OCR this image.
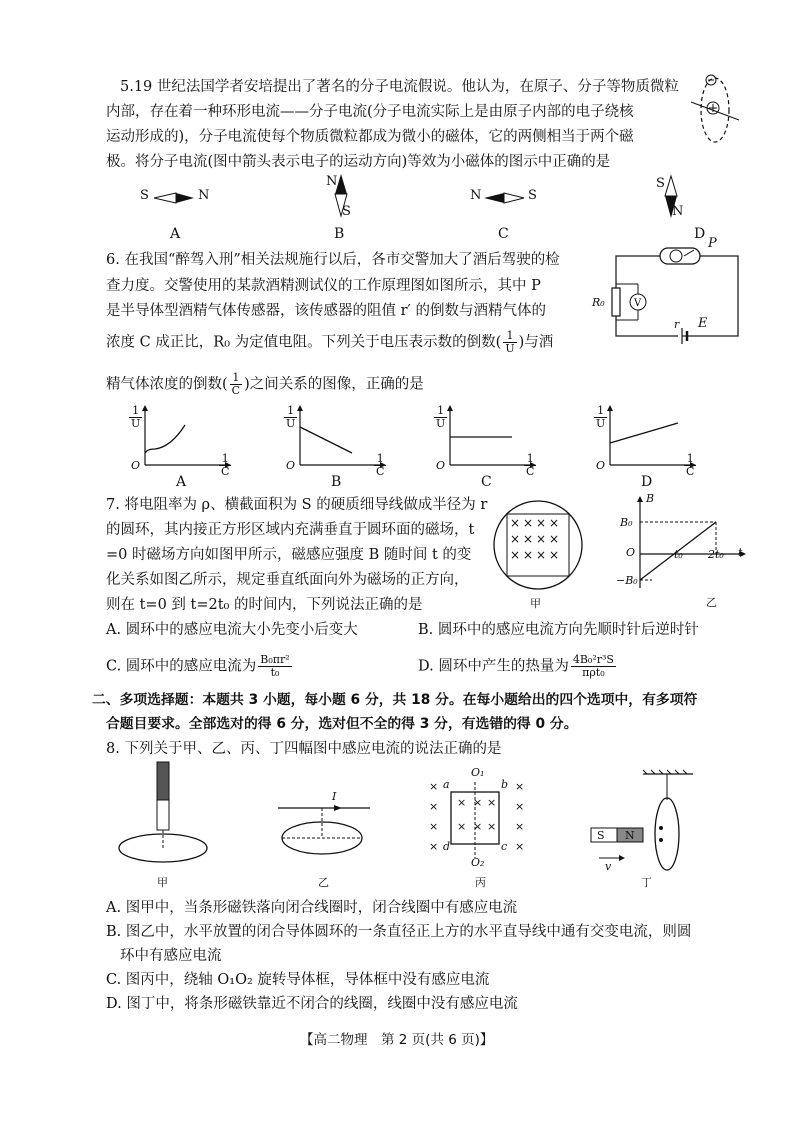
5.19 世纪法国学者安培提出了著名的分子电流假说。他认为，在原子、分子等物质微粒
内部，存在着一种环形电流——分子电流(分子电流实际上是由原子内部的电子绕核
运动形成的)，分子电流使每个物质微粒都成为微小的磁体，它的两侧相当于两个磁
极。将分子电流(图中箭头表示电子的运动方向)等效为小磁体的图示中正确的是
S	N
A
N
S
B
N	S
C
S
N
D
6. 在我国“醉驾入刑”相关法规施行以后，各市交警加大了酒后驾驶的检
查力度。交警使用的某款酒精测试仪的工作原理图如图所示，其中 P
是半导体型酒精气体传感器，该传感器的阻值 r′ 的倒数与酒精气体的
浓度 C 成正比，R₀ 为定值电阻。下列关于电压表示数的倒数( $\frac{1}{U}$ )与酒
精气体浓度的倒数( $\frac{1}{C}$ )之间关系的图像，正确的是
V
P
R₀
r E
$\frac{1}{U}$
O	$\frac{1}{C}$
A
$\frac{1}{U}$
O	$\frac{1}{C}$
B
$\frac{1}{U}$
O	$\frac{1}{C}$
C
$\frac{1}{U}$
O	$\frac{1}{C}$
D
7. 将电阻率为 ρ、横截面积为 S 的硬质细导线做成半径为 r
的圆环，其内接正方形区域内充满垂直于圆环面的磁场，t
=0 时磁场方向如图甲所示，磁感应强度 B 随时间 t 的变
化关系如图乙所示，规定垂直纸面向外为磁场的正方向，
则在 t=0 到 t=2t₀ 的时间内，下列说法正确的是
× × × ×
× × × ×
× × × ×
甲
B
B₀
O	t₀ 2t₀ t
−B₀
乙
A. 圆环中的感应电流大小先变小后变大	B. 圆环中的感应电流方向先顺时针后逆时针
C. 圆环中的感应电流为 $\frac{\text{B₀πr²}}{\text{t₀}}$	D. 圆环中产生的热量为 $\frac{\text{4B₀²r³S}}{\text{πρt₀}}$
二、多项选择题：本题共 3 小题，每小题 6 分，共 18 分。在每小题给出的四个选项中，有多项符
合题目要求。全部选对的得 6 分，选对但不全的得 3 分，有选错的得 0 分。
8. 下列关于甲、乙、丙、丁四幅图中感应电流的说法正确的是
甲
I
乙
×	×
×	×
×	×
×	×
× × ×
× × ×
O₁
a	b
d	c
O₂
丙
S N
v
丁
A. 图甲中，当条形磁铁落向闭合线圈时，闭合线圈中有感应电流
B. 图乙中，水平放置的闭合导体圆环的一条直径正上方的水平直导线中通有交变电流，则圆
环中有感应电流
C. 图丙中，绕轴 O₁O₂ 旋转导体框，导体框中没有感应电流
D. 图丁中，将条形磁铁靠近不闭合的线圈，线圈中没有感应电流
【高二物理　第 2 页(共 6 页)】
